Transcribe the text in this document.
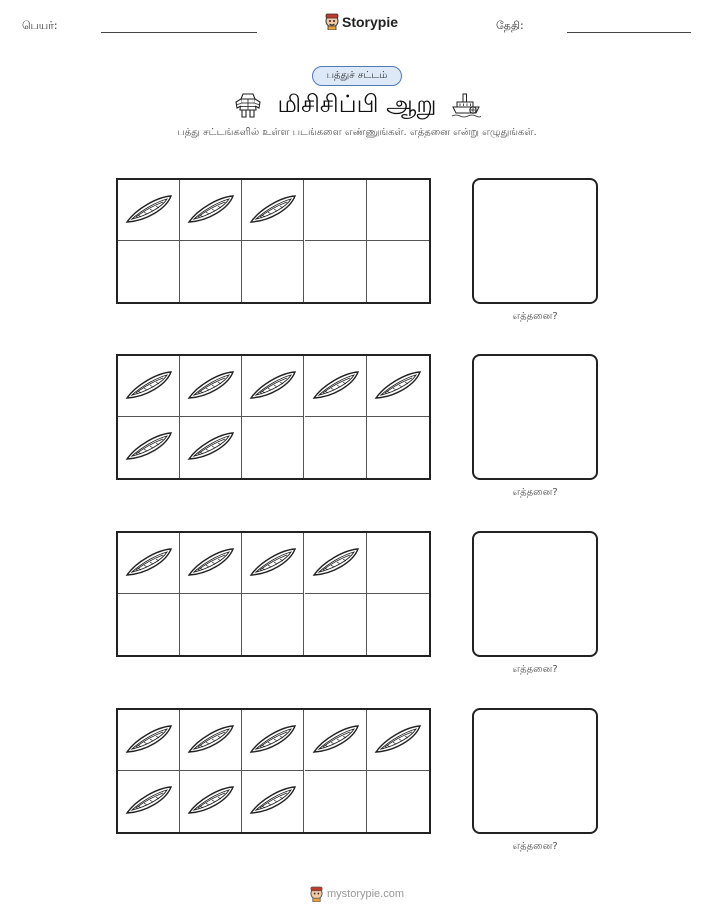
பெயர்:	Storypie	தேதி:
பத்துச் சட்டம்
மிசிசிப்பி ஆறு
பத்து சட்டங்களில் உள்ள படங்களை எண்ணுங்கள். எத்தனை என்று எழுதுங்கள்.
எத்தனை?
எத்தனை?
எத்தனை?
எத்தனை?
mystorypie.com
